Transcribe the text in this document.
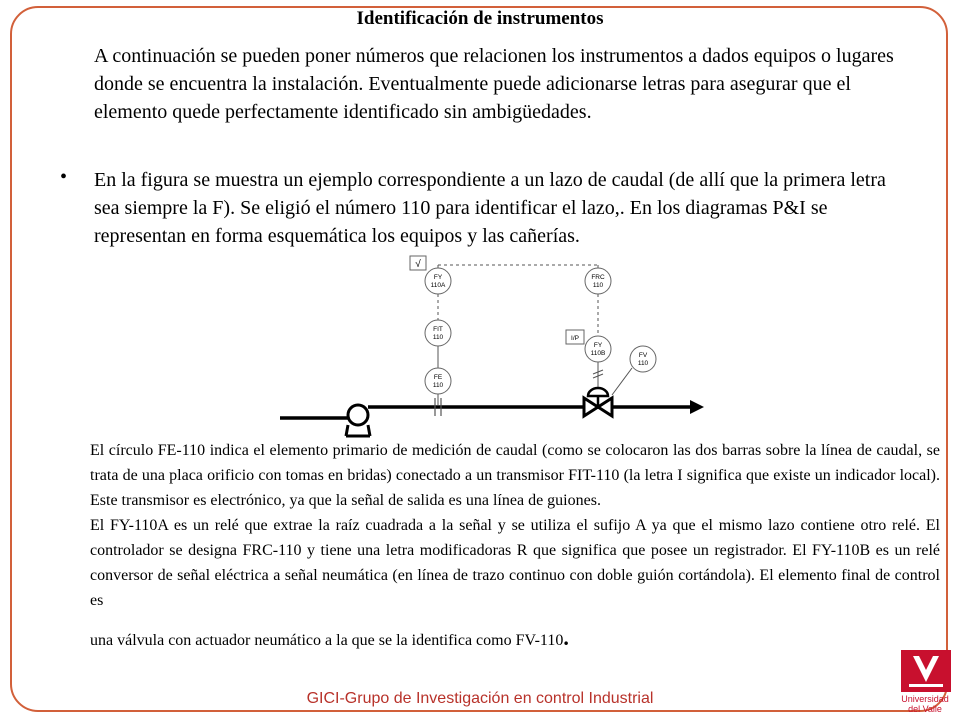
Identificación de instrumentos
A continuación se pueden poner números que relacionen los instrumentos a dados equipos o lugares donde se encuentra la instalación. Eventualmente puede adicionarse letras para asegurar que el elemento quede perfectamente identificado sin ambigüedades.
• En la figura se muestra un ejemplo correspondiente a un lazo de caudal (de allí que la primera letra sea siempre la F). Se eligió el número 110 para identificar el lazo,. En los diagramas P&I se representan en forma esquemática los equipos y las cañerías.
√
I/P
FY
110A
FIT
110
FE
110
FRC
110
FY
110B	FV
110

El círculo FE-110 indica el elemento primario de medición de caudal (como se colocaron las dos barras sobre la línea de caudal, se trata de una placa orificio con tomas en bridas) conectado a un transmisor FIT-110 (la letra I significa que existe un indicador local). Este transmisor es electrónico, ya que la señal de salida es una línea de guiones.

El FY-110A es un relé que extrae la raíz cuadrada a la señal y se utiliza el sufijo A ya que el mismo lazo contiene otro relé. El controlador se designa FRC-110 y tiene una letra modificadoras R que significa que posee un registrador. El FY-110B es un relé conversor de señal eléctrica a señal neumática (en línea de trazo continuo con doble guión cortándola). El elemento final de control es

una válvula con actuador neumático a la que se la identifica como FV-110.

GICI-Grupo de Investigación en control Industrial	Universidad
del Valle
